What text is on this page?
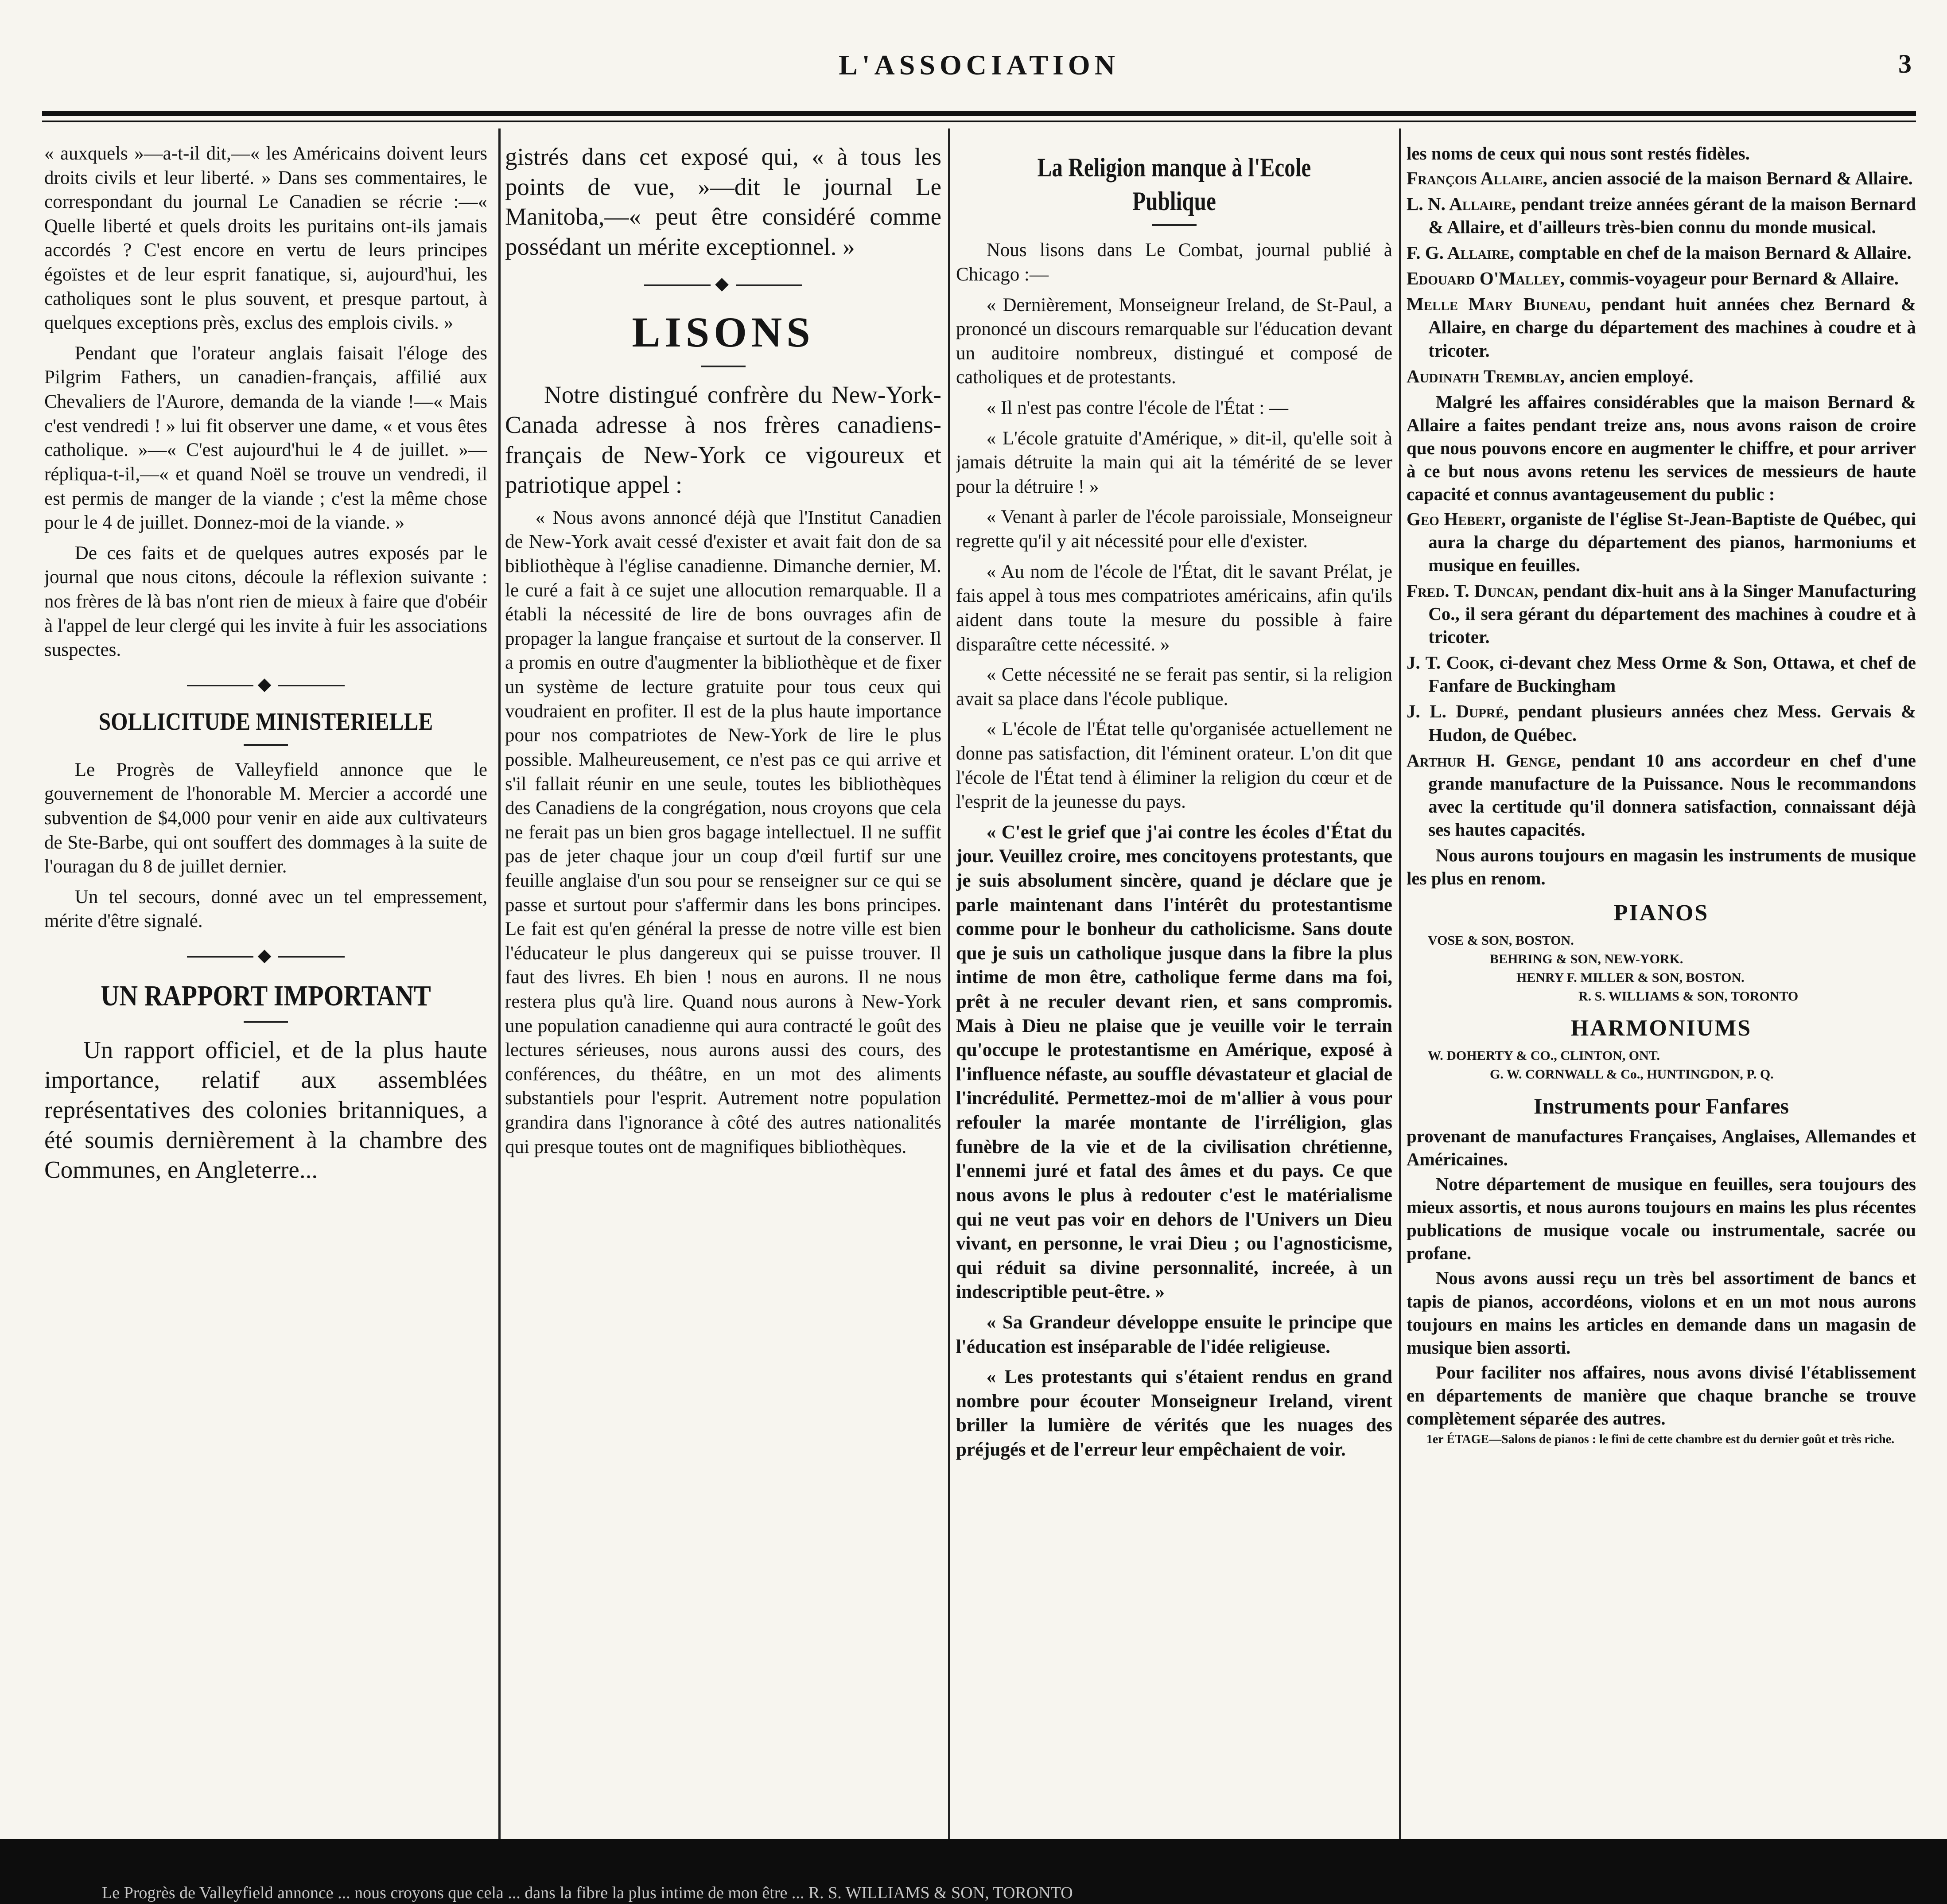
L'ASSOCIATION	3

« auxquels »—a-t-il dit,—« les Américains doivent leurs droits civils et leur liberté. » Dans ses commentaires, le correspondant du journal Le Canadien se récrie :—« Quelle liberté et quels droits les puritains ont-ils jamais accordés ? C'est encore en vertu de leurs principes égoïstes et de leur esprit fanatique, si, aujourd'hui, les catholiques sont le plus souvent, et presque partout, à quelques exceptions près, exclus des emplois civils. »

Pendant que l'orateur anglais faisait l'éloge des Pilgrim Fathers, un canadien-français, affilié aux Chevaliers de l'Aurore, demanda de la viande !—« Mais c'est vendredi ! » lui fit observer une dame, « et vous êtes catholique. »—« C'est aujourd'hui le 4 de juillet. »—répliqua-t-il,—« et quand Noël se trouve un vendredi, il est permis de manger de la viande ; c'est la même chose pour le 4 de juillet. Donnez-moi de la viande. »

De ces faits et de quelques autres exposés par le journal que nous citons, découle la réflexion suivante : nos frères de là bas n'ont rien de mieux à faire que d'obéir à l'appel de leur clergé qui les invite à fuir les associations suspectes.

◆
SOLLICITUDE MINISTERIELLE

Le Progrès de Valleyfield annonce que le gouvernement de l'honorable M. Mercier a accordé une subvention de $4,000 pour venir en aide aux cultivateurs de Ste-Barbe, qui ont souffert des dommages à la suite de l'ouragan du 8 de juillet dernier.

Un tel secours, donné avec un tel empressement, mérite d'être signalé.

◆
UN RAPPORT IMPORTANT

Un rapport officiel, et de la plus haute importance, relatif aux assemblées représentatives des colonies britanniques, a été soumis dernièrement à la chambre des Communes, en Angleterre...

gistrés dans cet exposé qui, « à tous les points de vue, »—dit le journal Le Manitoba,—« peut être considéré comme possédant un mérite exceptionnel. »

◆
LISONS

Notre distingué confrère du New-York-Canada adresse à nos frères canadiens-français de New-York ce vigoureux et patriotique appel :

« Nous avons annoncé déjà que l'Institut Canadien de New-York avait cessé d'exister et avait fait don de sa bibliothèque à l'église canadienne. Dimanche dernier, M. le curé a fait à ce sujet une allocution remarquable. Il a établi la nécessité de lire de bons ouvrages afin de propager la langue française et surtout de la conserver. Il a promis en outre d'augmenter la bibliothèque et de fixer un système de lecture gratuite pour tous ceux qui voudraient en profiter. Il est de la plus haute importance pour nos compatriotes de New-York de lire le plus possible. Malheureusement, ce n'est pas ce qui arrive et s'il fallait réunir en une seule, toutes les bibliothèques des Canadiens de la congrégation, nous croyons que cela ne ferait pas un bien gros bagage intellectuel. Il ne suffit pas de jeter chaque jour un coup d'œil furtif sur une feuille anglaise d'un sou pour se renseigner sur ce qui se passe et surtout pour s'affermir dans les bons principes. Le fait est qu'en général la presse de notre ville est bien l'éducateur le plus dangereux qui se puisse trouver. Il faut des livres. Eh bien ! nous en aurons. Il ne nous restera plus qu'à lire. Quand nous aurons à New-York une population canadienne qui aura contracté le goût des lectures sérieuses, nous aurons aussi des cours, des conférences, du théâtre, en un mot des aliments substantiels pour l'esprit. Autrement notre population grandira dans l'ignorance à côté des autres nationalités qui presque toutes ont de magnifiques bibliothèques.

La Religion manque à l'Ecole Publique

Nous lisons dans Le Combat, journal publié à Chicago :—

« Dernièrement, Monseigneur Ireland, de St-Paul, a prononcé un discours remarquable sur l'éducation devant un auditoire nombreux, distingué et composé de catholiques et de protestants.

« Il n'est pas contre l'école de l'État : —

« L'école gratuite d'Amérique, » dit-il, qu'elle soit à jamais détruite la main qui ait la témérité de se lever pour la détruire ! »

« Venant à parler de l'école paroissiale, Monseigneur regrette qu'il y ait nécessité pour elle d'exister.

« Au nom de l'école de l'État, dit le savant Prélat, je fais appel à tous mes compatriotes américains, afin qu'ils aident dans toute la mesure du possible à faire disparaître cette nécessité. »

« Cette nécessité ne se ferait pas sentir, si la religion avait sa place dans l'école publique.

« L'école de l'État telle qu'organisée actuellement ne donne pas satisfaction, dit l'éminent orateur. L'on dit que l'école de l'État tend à éliminer la religion du cœur et de l'esprit de la jeunesse du pays.

« C'est le grief que j'ai contre les écoles d'État du jour. Veuillez croire, mes concitoyens protestants, que je suis absolument sincère, quand je déclare que je parle maintenant dans l'intérêt du protestantisme comme pour le bonheur du catholicisme. Sans doute que je suis un catholique jusque dans la fibre la plus intime de mon être, catholique ferme dans ma foi, prêt à ne reculer devant rien, et sans compromis. Mais à Dieu ne plaise que je veuille voir le terrain qu'occupe le protestantisme en Amérique, exposé à l'influence néfaste, au souffle dévastateur et glacial de l'incrédulité. Permettez-moi de m'allier à vous pour refouler la marée montante de l'irréligion, glas funèbre de la vie et de la civilisation chrétienne, l'ennemi juré et fatal des âmes et du pays. Ce que nous avons le plus à redouter c'est le matérialisme qui ne veut pas voir en dehors de l'Univers un Dieu vivant, en personne, le vrai Dieu ; ou l'agnosticisme, qui réduit sa divine personnalité, increée, à un indescriptible peut-être. »

« Sa Grandeur développe ensuite le principe que l'éducation est inséparable de l'idée religieuse.

« Les protestants qui s'étaient rendus en grand nombre pour écouter Monseigneur Ireland, virent briller la lumière de vérités que les nuages des préjugés et de l'erreur leur empêchaient de voir.

les noms de ceux qui nous sont restés fidèles.

François Allaire, ancien associé de la maison Bernard & Allaire.

L. N. Allaire, pendant treize années gérant de la maison Bernard & Allaire, et d'ailleurs très-bien connu du monde musical.

F. G. Allaire, comptable en chef de la maison Bernard & Allaire.

Edouard O'Malley, commis-voyageur pour Bernard & Allaire.

Melle Mary Biuneau, pendant huit années chez Bernard & Allaire, en charge du département des machines à coudre et à tricoter.

Audinath Tremblay, ancien employé.

Malgré les affaires considérables que la maison Bernard & Allaire a faites pendant treize ans, nous avons raison de croire que nous pouvons encore en augmenter le chiffre, et pour arriver à ce but nous avons retenu les services de messieurs de haute capacité et connus avantageusement du public :

Geo Hebert, organiste de l'église St-Jean-Baptiste de Québec, qui aura la charge du département des pianos, harmoniums et musique en feuilles.

Fred. T. Duncan, pendant dix-huit ans à la Singer Manufacturing Co., il sera gérant du département des machines à coudre et à tricoter.

J. T. Cook, ci-devant chez Mess Orme & Son, Ottawa, et chef de Fanfare de Buckingham

J. L. Dupré, pendant plusieurs années chez Mess. Gervais & Hudon, de Québec.

Arthur H. Genge, pendant 10 ans accordeur en chef d'une grande manufacture de la Puissance. Nous le recommandons avec la certitude qu'il donnera satisfaction, connaissant déjà ses hautes capacités.

Nous aurons toujours en magasin les instruments de musique les plus en renom.

PIANOS

VOSE & SON, BOSTON.

BEHRING & SON, NEW-YORK.

HENRY F. MILLER & SON, BOSTON.

R. S. WILLIAMS & SON, TORONTO

HARMONIUMS

W. DOHERTY & CO., CLINTON, ONT.

G. W. CORNWALL & Co., HUNTINGDON, P. Q.

Instruments pour Fanfares

provenant de manufactures Françaises, Anglaises, Allemandes et Américaines.

Notre département de musique en feuilles, sera toujours des mieux assortis, et nous aurons toujours en mains les plus récentes publications de musique vocale ou instrumentale, sacrée ou profane.

Nous avons aussi reçu un très bel assortiment de bancs et tapis de pianos, accordéons, violons et en un mot nous aurons toujours en mains les articles en demande dans un magasin de musique bien assorti.

Pour faciliter nos affaires, nous avons divisé l'établissement en départements de manière que chaque branche se trouve complètement séparée des autres.

1er ÉTAGE—Salons de pianos : le fini de cette chambre est du dernier goût et très riche.

Le Progrès de Valleyfield annonce ... nous croyons que cela ... dans la fibre la plus intime de mon être ... R. S. WILLIAMS & SON, TORONTO
